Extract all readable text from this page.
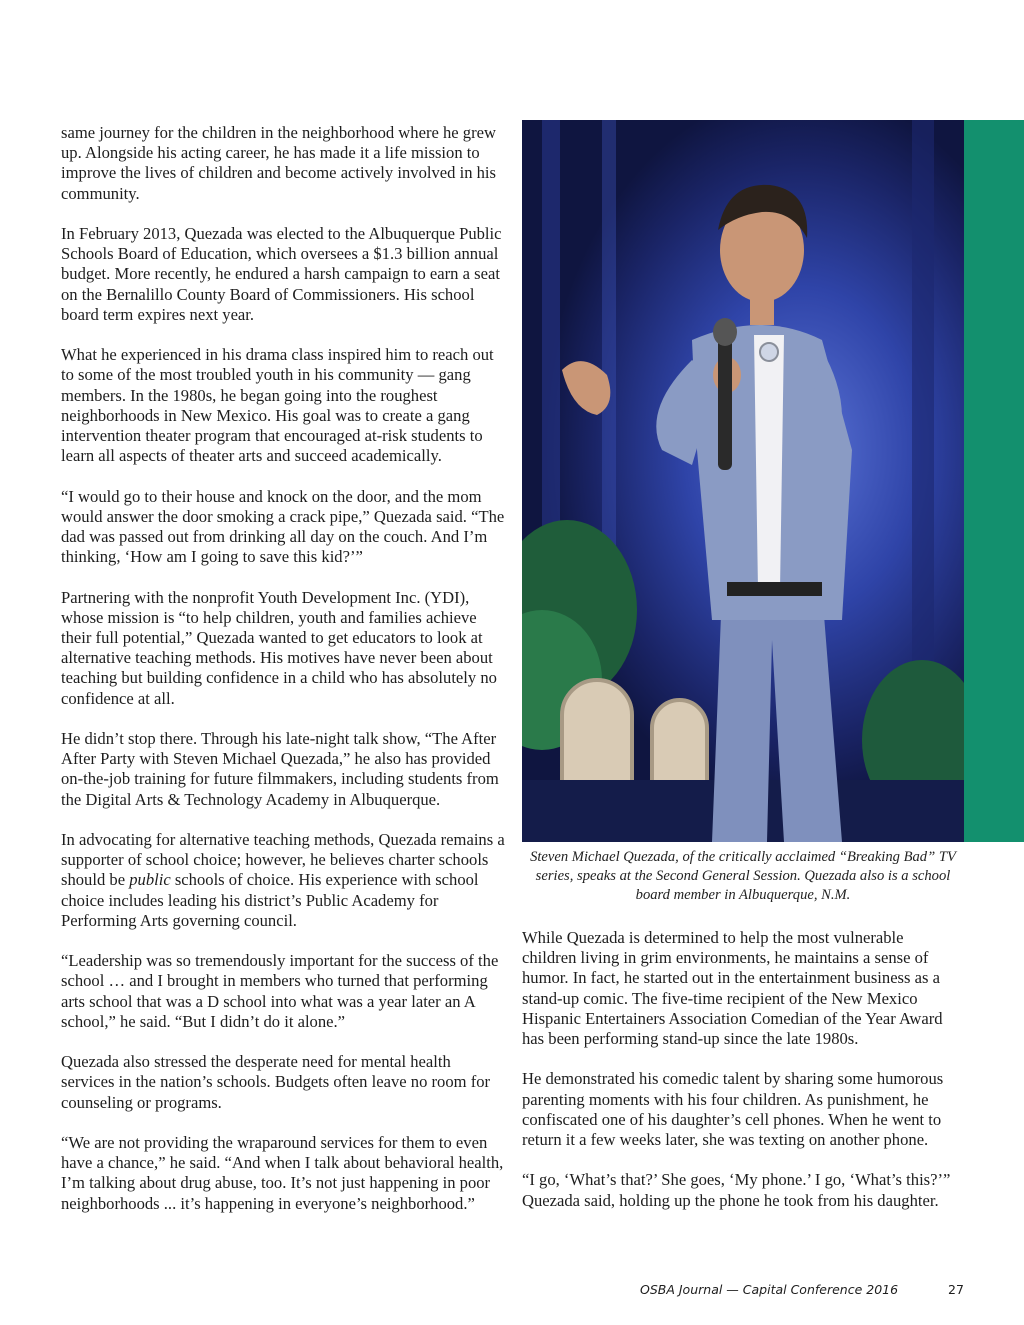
same journey for the children in the neighborhood where he grew up. Alongside his acting career, he has made it a life mission to improve the lives of children and become actively involved in his community.

In February 2013, Quezada was elected to the Albuquerque Public Schools Board of Education, which oversees a $1.3 billion annual budget. More recently, he endured a harsh campaign to earn a seat on the Bernalillo County Board of Commissioners. His school board term expires next year.

What he experienced in his drama class inspired him to reach out to some of the most troubled youth in his community — gang members. In the 1980s, he began going into the roughest neighborhoods in New Mexico. His goal was to create a gang intervention theater program that encouraged at-risk students to learn all aspects of theater arts and succeed academically.

“I would go to their house and knock on the door, and the mom would answer the door smoking a crack pipe,” Quezada said. “The dad was passed out from drinking all day on the couch. And I’m thinking, ‘How am I going to save this kid?’”

Partnering with the nonprofit Youth Development Inc. (YDI), whose mission is “to help children, youth and families achieve their full potential,” Quezada wanted to get educators to look at alternative teaching methods. His motives have never been about teaching but building confidence in a child who has absolutely no confidence at all.

He didn’t stop there. Through his late-night talk show, “The After After Party with Steven Michael Quezada,” he also has provided on-the-job training for future filmmakers, including students from the Digital Arts & Technology Academy in Albuquerque.

In advocating for alternative teaching methods, Quezada remains a supporter of school choice; however, he believes charter schools should be public schools of choice. His experience with school choice includes leading his district’s Public Academy for Performing Arts governing council.

“Leadership was so tremendously important for the success of the school … and I brought in members who turned that performing arts school that was a D school into what was a year later an A school,” he said. “But I didn’t do it alone.”

Quezada also stressed the desperate need for mental health services in the nation’s schools. Budgets often leave no room for counseling or programs.

“We are not providing the wraparound services for them to even have a chance,” he said. “And when I talk about behavioral health, I’m talking about drug abuse, too. It’s not just happening in poor neighborhoods ... it’s happening in everyone’s neighborhood.”

Steven Michael Quezada, of the critically acclaimed “Breaking Bad” TV series, speaks at the Second General Session. Quezada also is a school board member in Albuquerque, N.M.

While Quezada is determined to help the most vulnerable children living in grim environments, he maintains a sense of humor. In fact, he started out in the entertainment business as a stand-up comic. The five-time recipient of the New Mexico Hispanic Entertainers Association Comedian of the Year Award has been performing stand-up since the late 1980s.

He demonstrated his comedic talent by sharing some humorous parenting moments with his four children. As punishment, he confiscated one of his daughter’s cell phones. When he went to return it a few weeks later, she was texting on another phone.

“I go, ‘What’s that?’ She goes, ‘My phone.’ I go, ‘What’s this?’” Quezada said, holding up the phone he took from his daughter.

OSBA Journal — Capital Conference 2016	27
